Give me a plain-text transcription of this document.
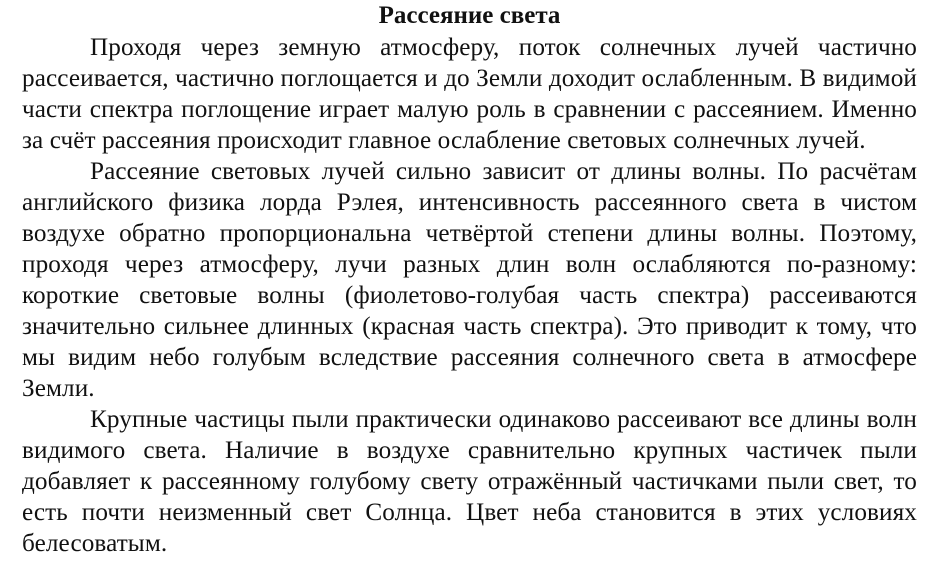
Рассеяние света

Проходя через земную атмосферу, поток солнечных лучей частично рассеивается, частично поглощается и до Земли доходит ослабленным. В видимой части спектра поглощение играет малую роль в сравнении с рассеянием. Именно за счёт рассеяния происходит главное ослабление световых солнечных лучей.

Рассеяние световых лучей сильно зависит от длины волны. По расчётам английского физика лорда Рэлея, интенсивность рассеянного света в чистом воздухе обратно пропорциональна четвёртой степени длины волны. Поэтому, проходя через атмосферу, лучи разных длин волн ослабляются по-разному: короткие световые волны (фиолетово-голубая часть спектра) рассеиваются значительно сильнее длинных (красная часть спектра). Это приводит к тому, что мы видим небо голубым вследствие рассеяния солнечного света в атмосфере Земли.

Крупные частицы пыли практически одинаково рассеивают все длины волн видимого света. Наличие в воздухе сравнительно крупных частичек пыли добавляет к рассеянному голубому свету отражённый частичками пыли свет, то есть почти неизменный свет Солнца. Цвет неба становится в этих условиях белесоватым.
